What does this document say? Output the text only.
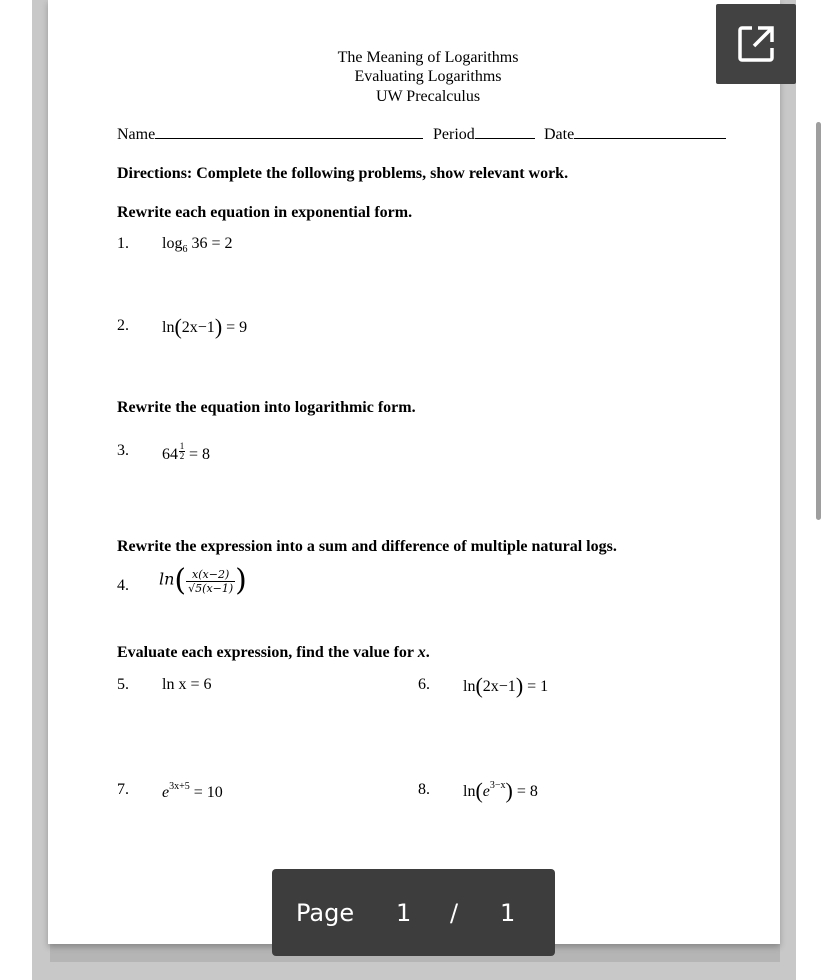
The Meaning of Logarithms
Evaluating Logarithms
UW Precalculus
Name	Period	Date
Directions: Complete the following problems, show relevant work.
Rewrite each equation in exponential form.
1. $\log_6 36 = 2$
2. ln(2x−1) = 9
Rewrite the equation into logarithmic form.
3. $64 \frac{1}{2} = 8$
Rewrite the expression into a sum and difference of multiple natural logs.
4. $\ln( \frac{x(x-2)}{√5(x-1)}$ )
Evaluate each expression, find the value for x.
5. ln x = 6	6. ln(2x−1) = 1
7. $e^{3x+5} = 10$	8. $\ln(e^{3-x}) = 8$
Page 1 / 1
